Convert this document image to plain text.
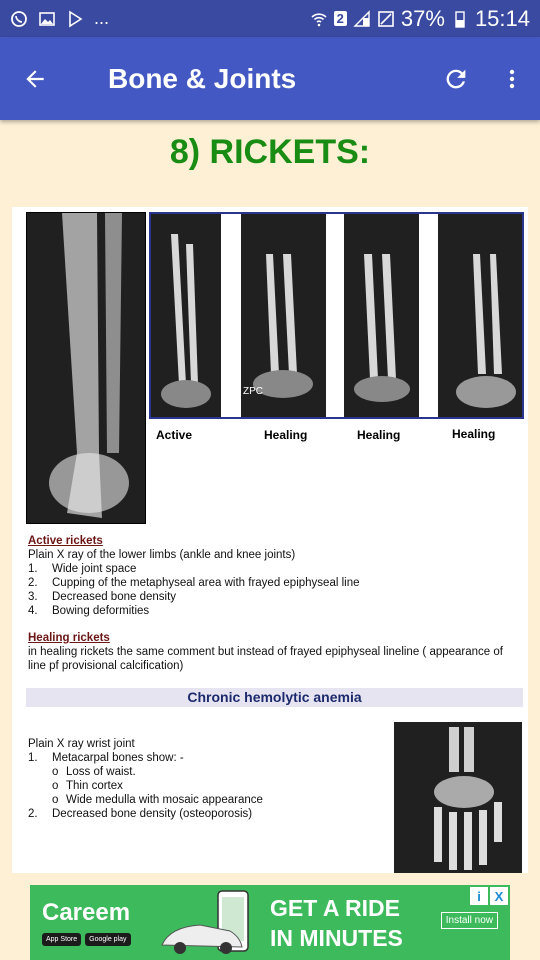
...	2	37% 15:14
Bone & Joints
8) RICKETS:
ZPC
Active	Healing	Healing	Healing
Active rickets
Plain X ray of the lower limbs (ankle and knee joints)
1.	Wide joint space
2.	Cupping of the metaphyseal area with frayed epiphyseal line
3.	Decreased bone density
4.	Bowing deformities
Healing rickets
in healing rickets the same comment but instead of frayed epiphyseal lineline ( appearance of line pf provisional calcification)
Chronic hemolytic anemia
Plain X ray wrist joint
1.	Metacarpal bones show: -
o Loss of waist.
o Thin cortex
o Wide medulla with mosaic appearance
2.	Decreased bone density (osteoporosis)
Careem
App Store	Google play
GET A RIDE
IN MINUTES
Install now
i	X
